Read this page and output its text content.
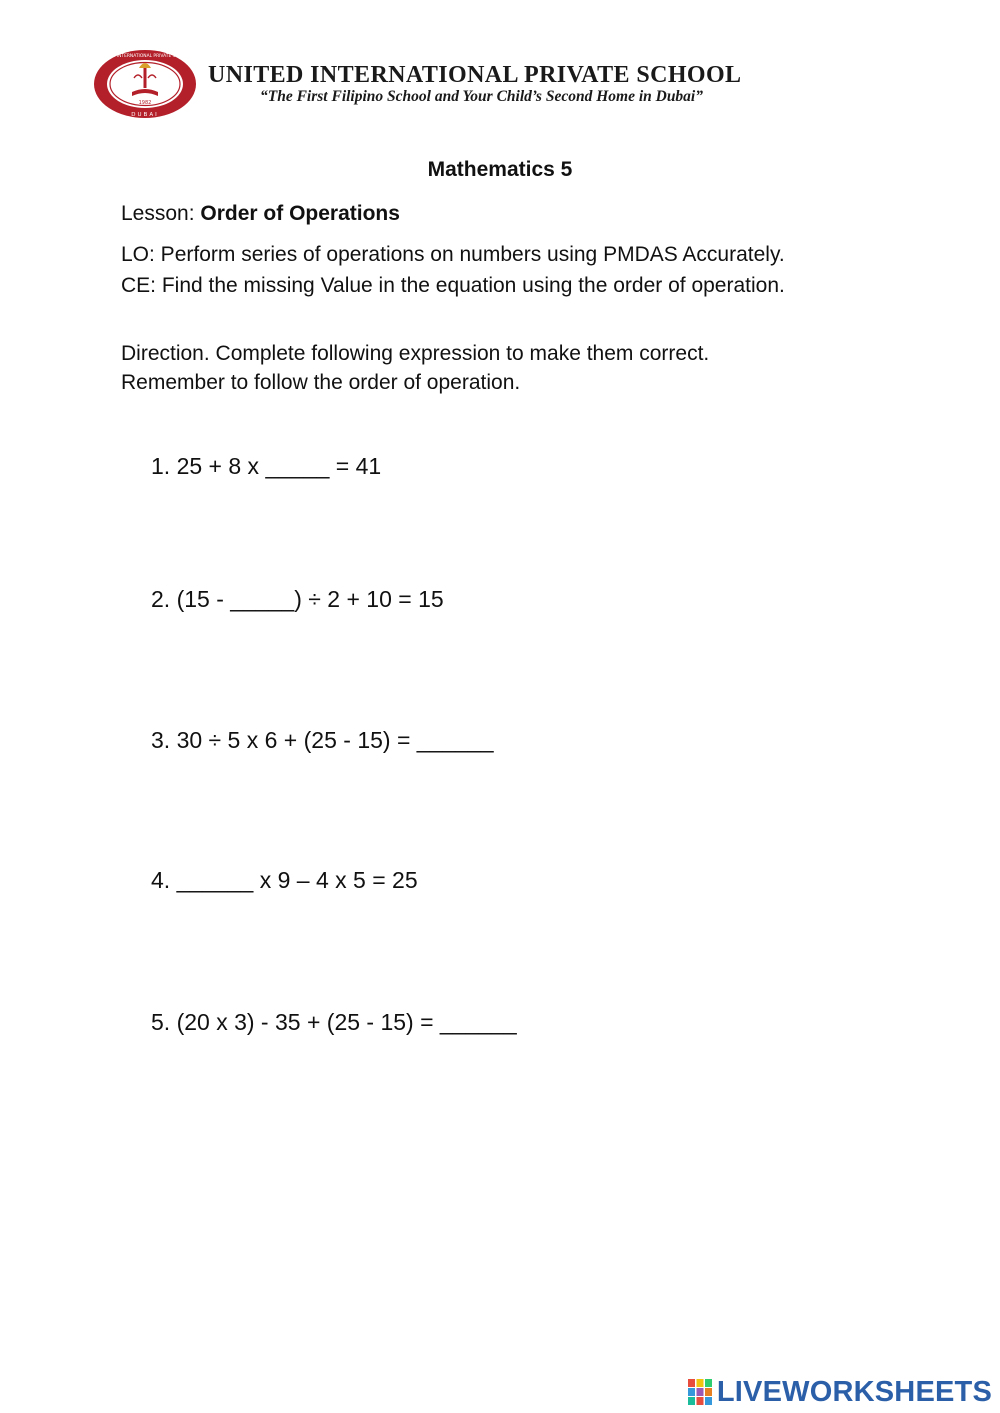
1982
UNITED INTERNATIONAL PRIVATE SCHOOL
DUBAI
UNITED INTERNATIONAL PRIVATE SCHOOL
“The First Filipino School and Your Child’s Second Home in Dubai”
Mathematics 5
Lesson: Order of Operations
LO: Perform series of operations on numbers using PMDAS Accurately.
CE: Find the missing Value in the equation using the order of operation.
Direction. Complete following expression to make them correct.
Remember to follow the order of operation.
1. 25 + 8 x _____ = 41
2. (15 - _____) ÷ 2 + 10 = 15
3. 30 ÷ 5 x 6 + (25 - 15) = ______
4. ______ x 9 – 4 x 5 = 25
5. (20 x 3) - 35 + (25 - 15) = ______
LIVEWORKSHEETS
